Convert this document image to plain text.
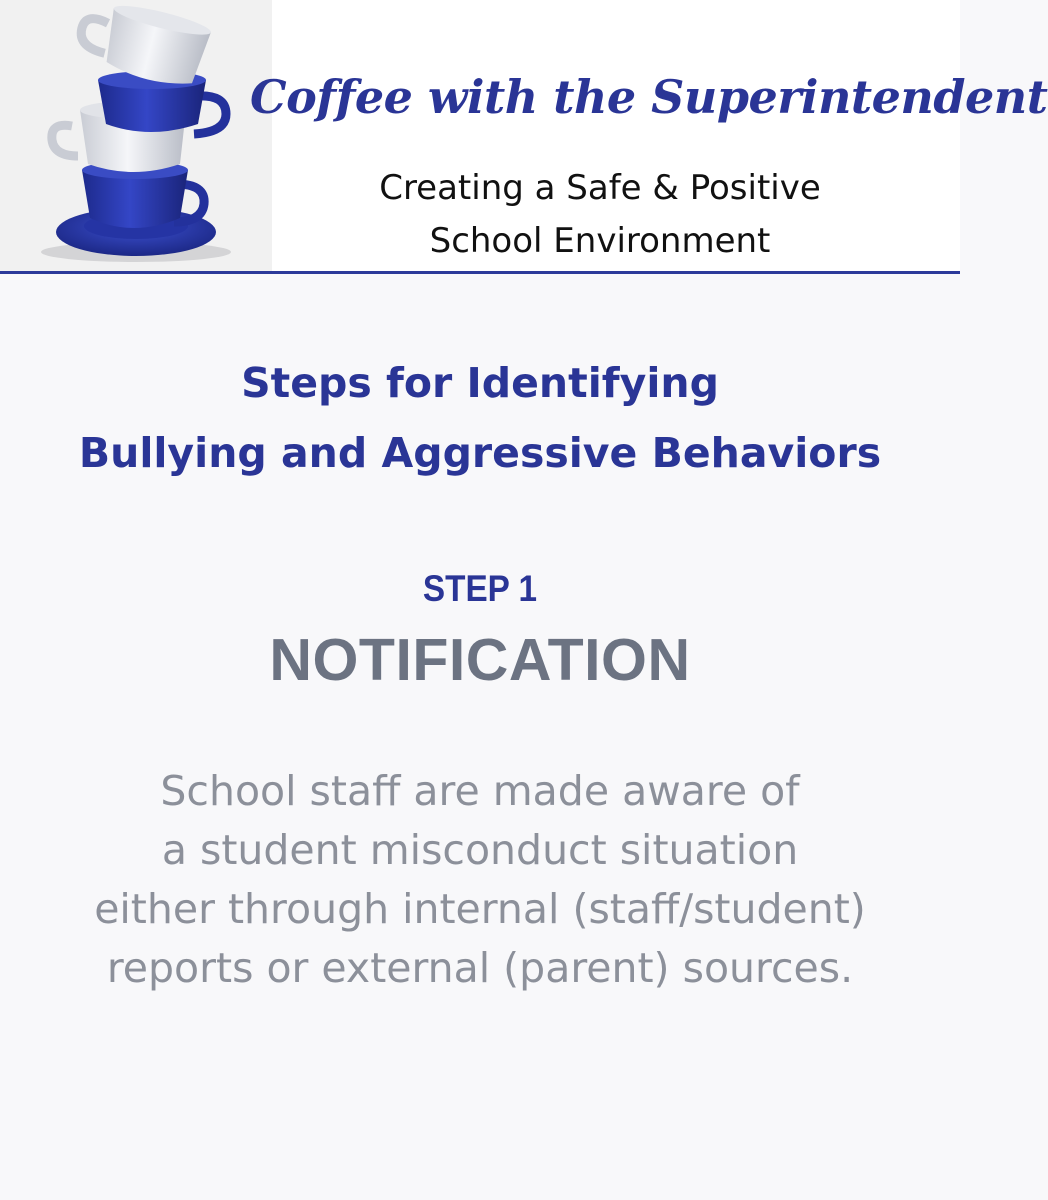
Coffee with the Superintendent
Creating a Safe & Positive
School Environment
Steps for Identifying
Bullying and Aggressive Behaviors
STEP 1
NOTIFICATION
School staff are made aware of
a student misconduct situation
either through internal (staff/student)
reports or external (parent) sources.
